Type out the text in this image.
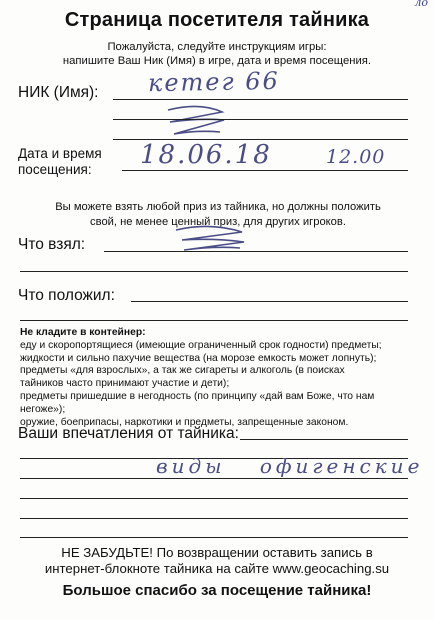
ло
Страница посетителя тайника
Пожалуйста, следуйте инструкциям игры:
напишите Ваш Ник (Имя) в игре, дата и время посещения.
НИК (Имя): кетег 66
Дата и время
посещения: 18.06.18	12.00
Вы можете взять любой приз из тайника, но должны положить
свой, не менее ценный приз, для других игроков.
Что взял:
Что положил:
Не кладите в контейнер:
еду и скоропортящиеся (имеющие ограниченный срок годности) предметы;
жидкости и сильно пахучие вещества (на морозе емкость может лопнуть);
предметы «для взрослых», а так же сигареты и алкоголь (в поисках
тайников часто принимают участие и дети);
предметы пришедшие в негодность (по принципу «дай вам Боже, что нам негоже»);
оружие, боеприпасы, наркотики и предметы, запрещенные законом.
Ваши впечатления от тайника:
виды офигенские
НЕ ЗАБУДЬТЕ! По возвращении оставить запись в
интернет-блокноте тайника на сайте www.geocaching.su
Большое спасибо за посещение тайника!
